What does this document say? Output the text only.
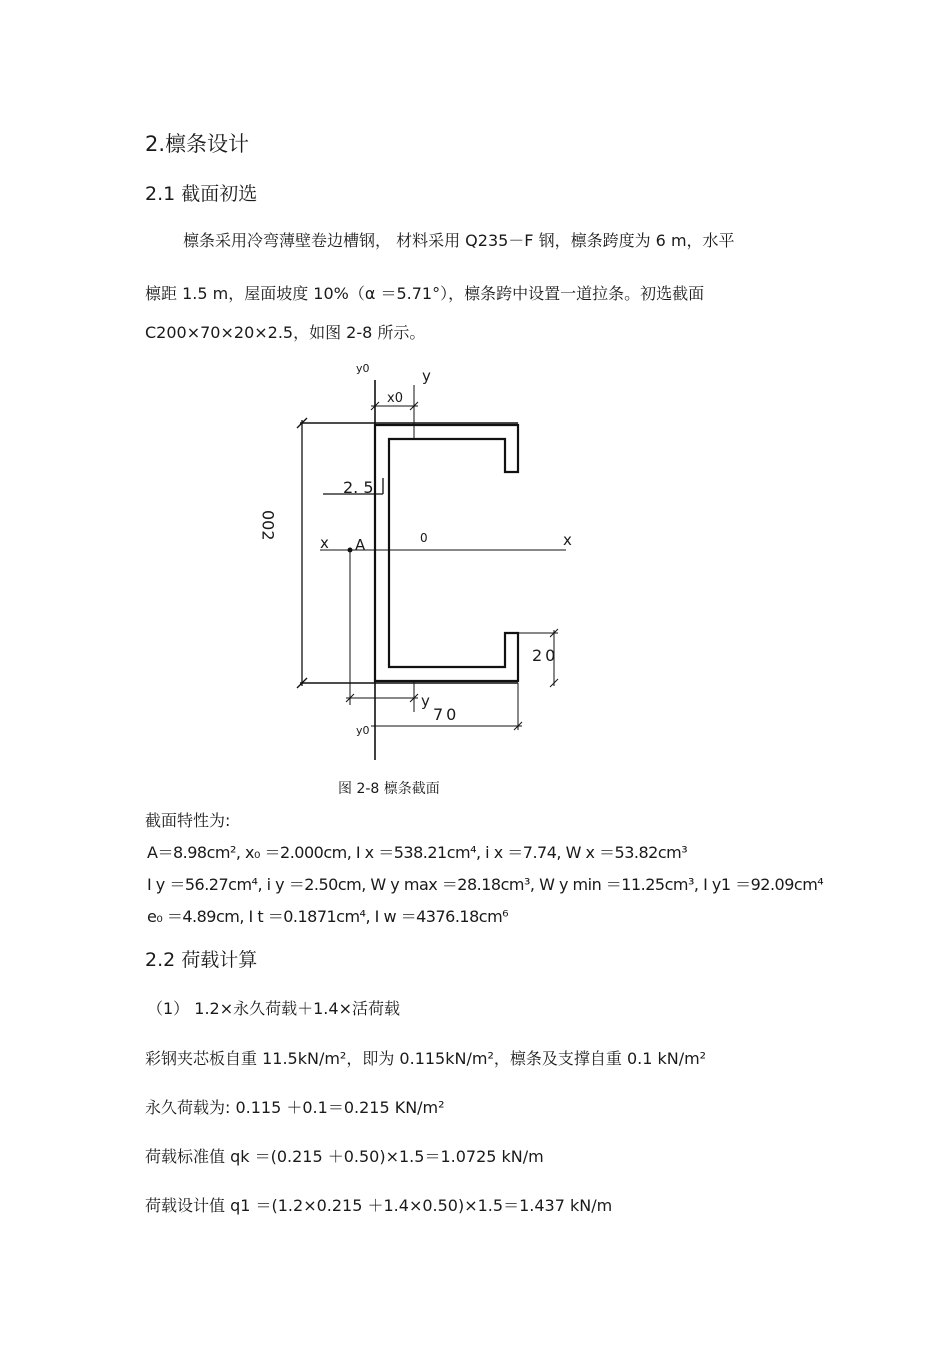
2.檩条设计
2.1 截面初选
檩条采用冷弯薄壁卷边槽钢， 材料采用 Q235－F 钢，檩条跨度为 6 m，水平
檩距 1.5 m，屋面坡度 10%（α ＝5.71°），檩条跨中设置一道拉条。初选截面
C200×70×20×2.5，如图 2-8 所示。
y0	y
x0
2. 5
002
x A	0	x
20
y
70
y0
图 2-8 檩条截面
截面特性为:
A＝8.98cm², x₀ ＝2.000cm, I x ＝538.21cm⁴, i x ＝7.74, W x ＝53.82cm³
I y ＝56.27cm⁴, i y ＝2.50cm, W y max ＝28.18cm³, W y min ＝11.25cm³, I y1 ＝92.09cm⁴
e₀ ＝4.89cm, I t ＝0.1871cm⁴, I w ＝4376.18cm⁶
2.2 荷载计算
（1） 1.2×永久荷载＋1.4×活荷载
彩钢夹芯板自重 11.5kN/m²，即为 0.115kN/m²，檩条及支撑自重 0.1 kN/m²
永久荷载为: 0.115 ＋0.1＝0.215 KN/m²
荷载标准值 qk ＝(0.215 ＋0.50)×1.5＝1.0725 kN/m
荷载设计值 q1 ＝(1.2×0.215 ＋1.4×0.50)×1.5＝1.437 kN/m
